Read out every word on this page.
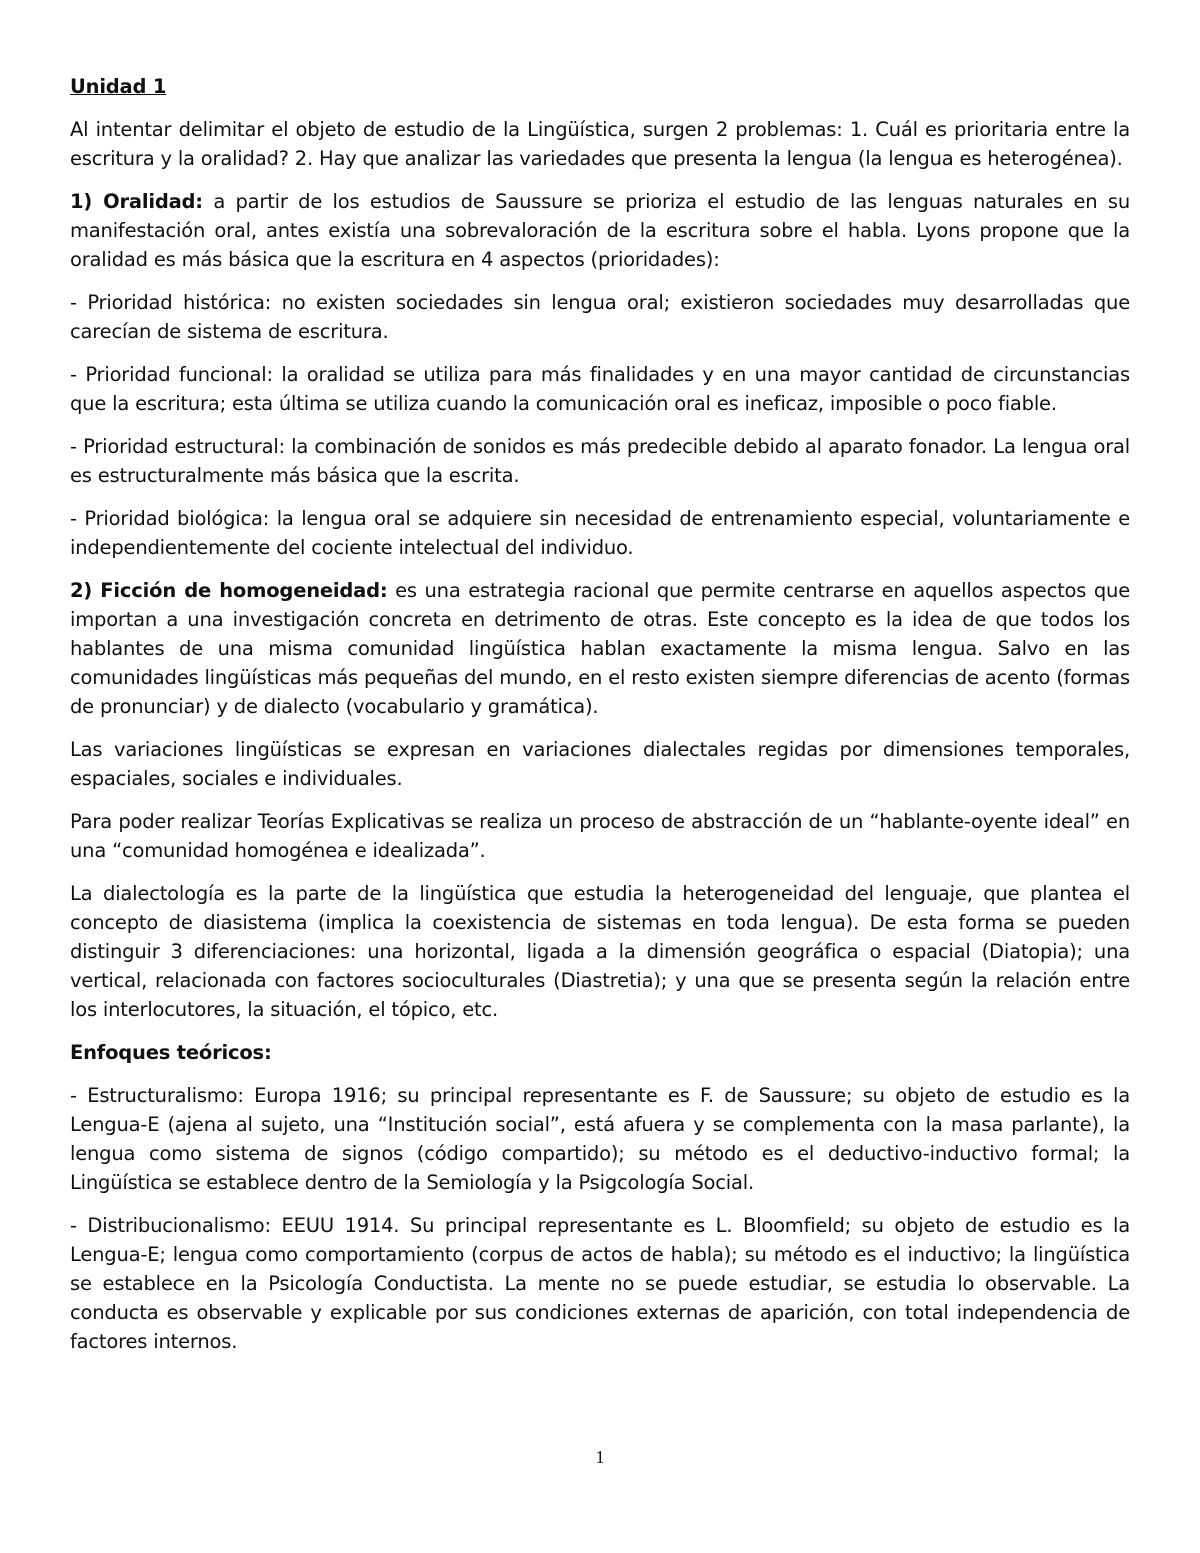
Unidad 1

Al intentar delimitar el objeto de estudio de la Lingüística, surgen 2 problemas: 1. Cuál es prioritaria entre la escritura y la oralidad? 2. Hay que analizar las variedades que presenta la lengua (la lengua es heterogénea).

1) Oralidad: a partir de los estudios de Saussure se prioriza el estudio de las lenguas naturales en su manifestación oral, antes existía una sobrevaloración de la escritura sobre el habla. Lyons propone que la oralidad es más básica que la escritura en 4 aspectos (prioridades):

- Prioridad histórica: no existen sociedades sin lengua oral; existieron sociedades muy desarrolladas que carecían de sistema de escritura.

- Prioridad funcional: la oralidad se utiliza para más finalidades y en una mayor cantidad de circunstancias que la escritura; esta última se utiliza cuando la comunicación oral es ineficaz, imposible o poco fiable.

- Prioridad estructural: la combinación de sonidos es más predecible debido al aparato fonador. La lengua oral es estructuralmente más básica que la escrita.

- Prioridad biológica: la lengua oral se adquiere sin necesidad de entrenamiento especial, voluntariamente e independientemente del cociente intelectual del individuo.

2) Ficción de homogeneidad: es una estrategia racional que permite centrarse en aquellos aspectos que importan a una investigación concreta en detrimento de otras. Este concepto es la idea de que todos los hablantes de una misma comunidad lingüística hablan exactamente la misma lengua. Salvo en las comunidades lingüísticas más pequeñas del mundo, en el resto existen siempre diferencias de acento (formas de pronunciar) y de dialecto (vocabulario y gramática).

Las variaciones lingüísticas se expresan en variaciones dialectales regidas por dimensiones temporales, espaciales, sociales e individuales.

Para poder realizar Teorías Explicativas se realiza un proceso de abstracción de un “hablante-oyente ideal” en una “comunidad homogénea e idealizada”.

La dialectología es la parte de la lingüística que estudia la heterogeneidad del lenguaje, que plantea el concepto de diasistema (implica la coexistencia de sistemas en toda lengua). De esta forma se pueden distinguir 3 diferenciaciones: una horizontal, ligada a la dimensión geográfica o espacial (Diatopia); una vertical, relacionada con factores socioculturales (Diastretia); y una que se presenta según la relación entre los interlocutores, la situación, el tópico, etc.

Enfoques teóricos:

- Estructuralismo: Europa 1916; su principal representante es F. de Saussure; su objeto de estudio es la Lengua-E (ajena al sujeto, una “Institución social”, está afuera y se complementa con la masa parlante), la lengua como sistema de signos (código compartido); su método es el deductivo-inductivo formal; la Lingüística se establece dentro de la Semiología y la Psigcología Social.

- Distribucionalismo: EEUU 1914. Su principal representante es L. Bloomfield; su objeto de estudio es la Lengua-E; lengua como comportamiento (corpus de actos de habla); su método es el inductivo; la lingüística se establece en la Psicología Conductista. La mente no se puede estudiar, se estudia lo observable. La conducta es observable y explicable por sus condiciones externas de aparición, con total independencia de factores internos.

1
